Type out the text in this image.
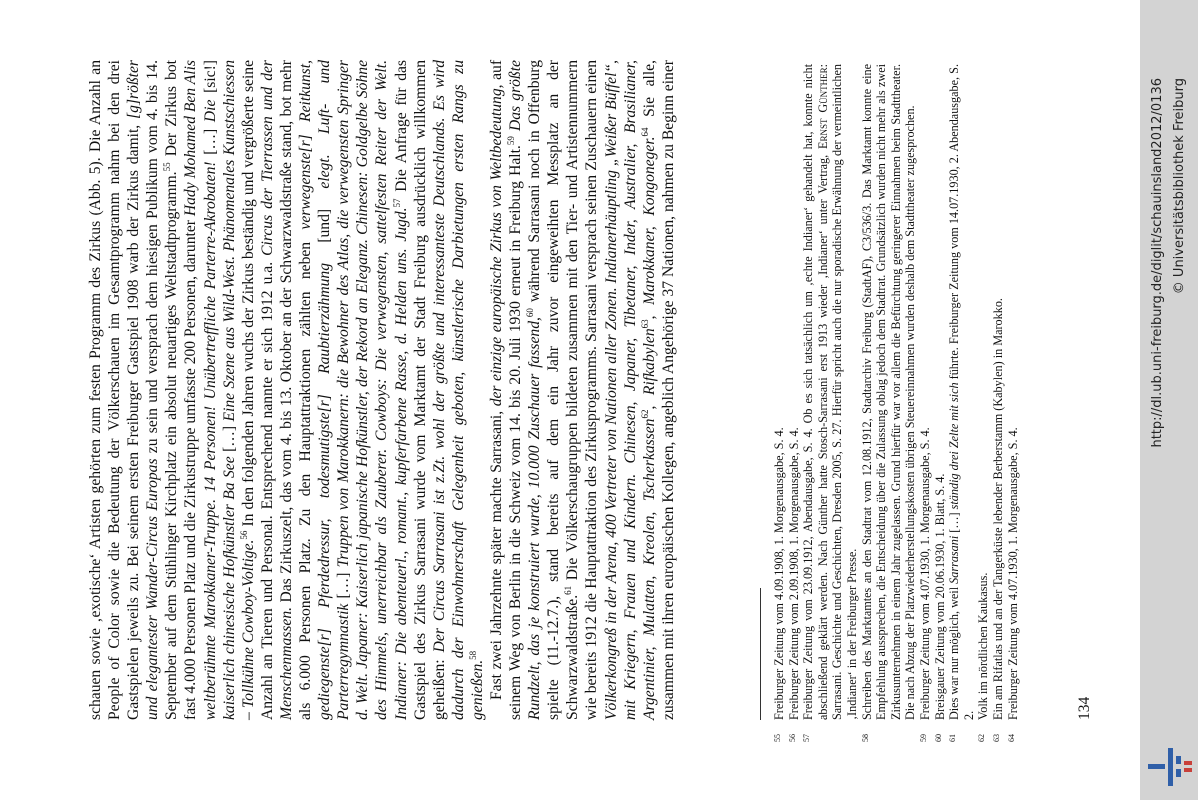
schauen sowie ‚exotische‘ Artisten gehörten zum festen Programm des Zirkus (Abb. 5). Die Anzahl an People of Color sowie die Bedeutung der Völkerschauen im Gesamtprogramm nahm bei den drei Gastspielen jeweils zu. Bei seinem ersten Freiburger Gastspiel 1908 warb der Zirkus damit, [g]rößter und elegantester Wander-Circus Europas zu sein und versprach dem hiesigen Publikum vom 4. bis 14. September auf dem Stühlinger Kirchplatz ein absolut neuartiges Weltstadtprogramm.$^{55}$ Der Zirkus bot fast 4.000 Personen Platz und die Zirkustruppe umfasste 200 Personen, darunter Hady Mohamed Ben Alis weltberühmte Marokkaner-Truppe. 14 Personen! Unübertreffliche Parterre-Akrobaten! […] Die [sic!] kaiserlich chinesische Hofkünstler Ba See […] Eine Szene aus Wild-West. Phänomenales Kunstschiessen – Tollkühne Cowboy-Voltige.$^{56}$ In den folgenden Jahren wuchs der Zirkus beständig und vergrößerte seine Anzahl an Tieren und Personal. Entsprechend nannte er sich 1912 u.a. Circus der Tierrassen und der Menschenmassen. Das Zirkuszelt, das vom 4. bis 13. Oktober an der Schwarzwaldstraße stand, bot mehr als 6.000 Personen Platz. Zu den Hauptattraktionen zählten neben verwegenste[r] Reitkunst, gediegenste[r] Pferdedressur, todesmutigste[r] Raubtierzähmung [und] elegt. Luft- und Parterregymnastik […] Truppen von Marokkanern: die Bewohner des Atlas, die verwegensten Springer d. Welt. Japaner: Kaiserlich japanische Hofkünstler, der Rekord an Eleganz. Chinesen: Goldgelbe Söhne des Himmels, unerreichbar als Zauberer. Cowboys: Die verwegensten, sattelfesten Reiter der Welt. Indianer: Die abenteuerl., romant., kupferfarbene Rasse, d. Helden uns. Jugd.$^{57}$ Die Anfrage für das Gastspiel des Zirkus Sarrasani wurde vom Marktamt der Stadt Freiburg ausdrücklich willkommen geheißen: Der Circus Sarrasani ist z.Zt. wohl der größte und interessanteste Deutschlands. Es wird dadurch der Einwohnerschaft Gelegenheit geboten, künstlerische Darbietungen ersten Rangs zu genießen.$^{58}$ Fast zwei Jahrzehnte später machte Sarrasani, der einzige europäische Zirkus von Weltbedeutung, auf seinem Weg von Berlin in die Schweiz vom 14. bis 20. Juli 1930 erneut in Freiburg Halt.$^{59}$ Das größte Rundzelt, das je konstruiert wurde, 10.000 Zuschauer fassend,$^{60}$ während Sarrasani noch in Offenburg spielte (11.-12.7.), stand bereits auf dem ein Jahr zuvor eingeweihten Messplatz an der Schwarzwaldstraße.$^{61}$ Die Völkerschaugruppen bildeten zusammen mit den Tier- und Artistennummern wie bereits 1912 die Hauptattraktion des Zirkusprogramms. Sarrasani versprach seinen Zuschauern einen Völkerkongreß in der Arena, 400 Vertreter von Nationen aller Zonen. Indianerhäuptling „Weißer Büffel“, mit Kriegern, Frauen und Kindern. Chinesen, Japaner, Tibetaner, Inder, Australier, Brasilianer, Argentinier, Mulatten, Kreolen, Tscherkassen$^{62}$, Rifkabylen$^{63}$, Marokkaner, Kongoneger.$^{64}$ Sie alle, zusammen mit ihren europäischen Kollegen, angeblich Angehörige 37 Nationen, nahmen zu Beginn einer

55
Freiburger Zeitung vom 4.09.1908, 1. Morgenausgabe, S. 4.
56
Freiburger Zeitung vom 2.09.1908, 1. Morgenausgabe, S. 4.
57
Freiburger Zeitung vom 23.09.1912, Abendausgabe, S. 4. Ob es sich tatsächlich um ‚echte Indianer‘ gehandelt hat, konnte nicht abschließend geklärt werden. Nach Günther hatte Stosch-Sarrasani erst 1913 wieder ‚Indianer‘ unter Vertrag, Ernst Günther: Sarrasani. Geschichte und Geschichten, Dresden 2005, S. 27. Hierfür spricht auch die nur sporadische Erwähnung der vermeintlichen ‚Indianer‘ in der Freiburger Presse.
58
Schreiben des Marktamtes an den Stadtrat vom 12.08.1912, Stadtarchiv Freiburg (StadtAF), C3/536/3. Das Marktamt konnte eine Empfehlung aussprechen, die Entscheidung über die Zulassung oblag jedoch dem Stadtrat. Grundsätzlich wurden nicht mehr als zwei Zirkusunternehmen in einem Jahr zugelassen. Grund hierfür war vor allem die Befürchtung geringerer Einnahmen beim Stadttheater. Die nach Abzug der Platzwiederherstellungskosten übrigen Steuereinnahmen wurden deshalb dem Stadttheater zugesprochen.
59
Freiburger Zeitung vom 4.07.1930, 1. Morgenausgabe, S. 4.
60
Breisgauer Zeitung vom 20.06.1930, 1. Blatt, S. 4.
61
Dies war nur möglich, weil Sarrasani […] ständig drei Zelte mit sich führte. Freiburger Zeitung vom 14.07.1930, 2. Abendausgabe, S. 2.
62
Volk im nördlichen Kaukasus.
63
Ein am Rifatlas und an der Tangerküste lebender Berberstamm (Kabylen) in Marokko.
64
Freiburger Zeitung vom 4.07.1930, 1. Morgenausgabe, S. 4.	134
http://dl.ub.uni-freiburg.de/diglit/schauinsland2012/0136 © Universitätsbibliothek Freiburg
